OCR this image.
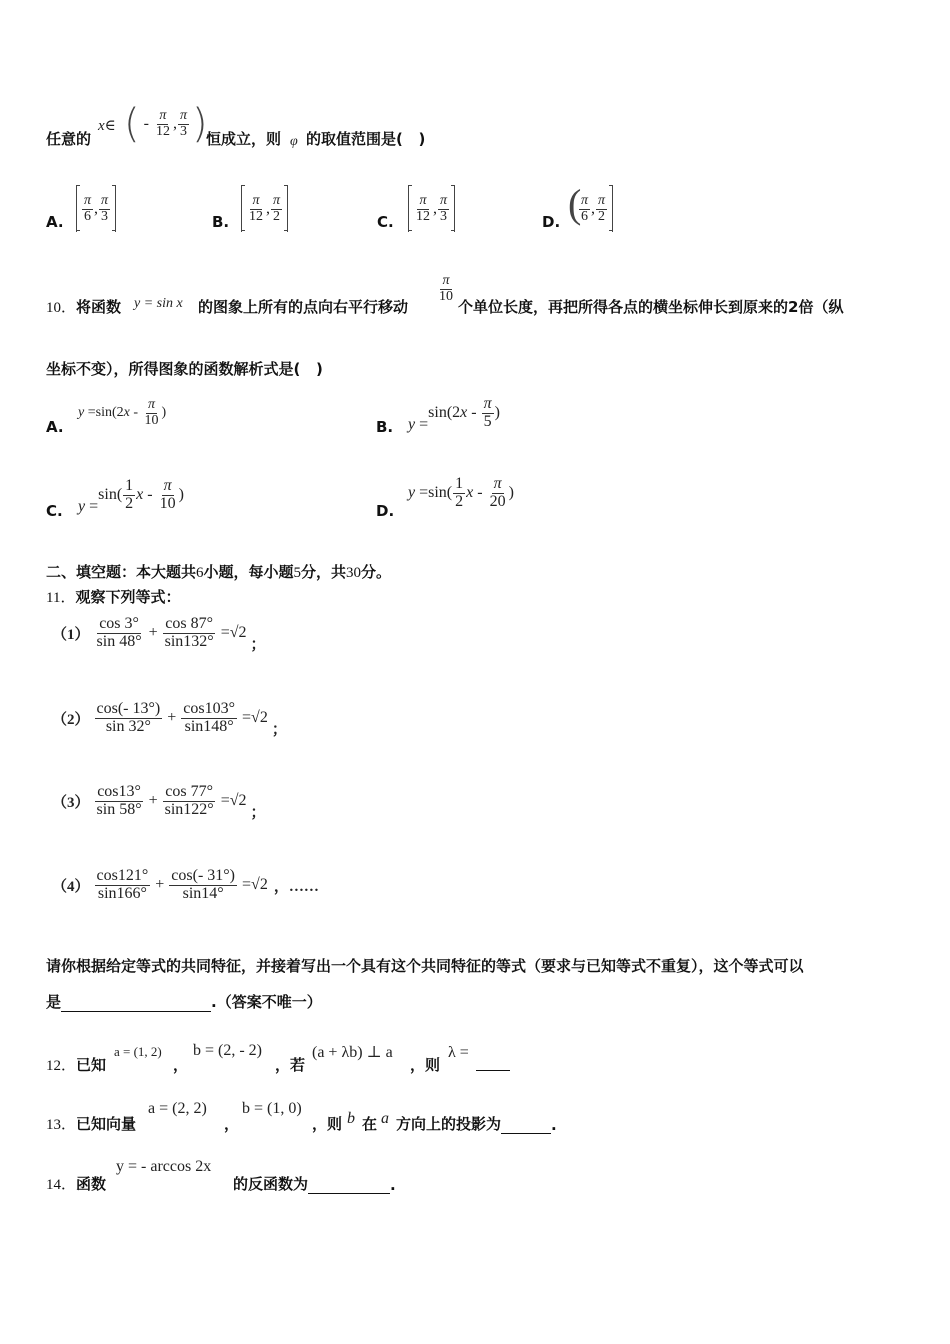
任意的
x∈ ( - $\frac{\pi}{12}$ , $\frac{\pi}{3}$ )
恒成立，则 φ 的取值范围是( )
A. $\frac{\pi}{6}$ , $\frac{\pi}{3}$	B. $\frac{\pi}{12}$ , $\frac{\pi}{2}$	C. $\frac{\pi}{12}$ , $\frac{\pi}{3}$	D. (
$\frac{\pi}{6}$ , $\frac{\pi}{2}$
10．将函数 y = sin x 的图象上所有的点向右平行移动
$\frac{\pi}{10}$
个单位长度，再把所得各点的横坐标伸长到原来的2倍（纵
坐标不变），所得图象的函数解析式是( )
A.
y =sin(2 x - $\frac{\pi}{10}$ )
B. y
=
sin(2 x - $\frac{\pi}{5}$ )
C. y
=
$\sin( \frac{1}{2}$ x - $\frac{\pi}{10}$ )
D.
$y =\sin( \frac{1}{2}$ x - $\frac{\pi}{20}$ )
二、填空题：本大题共6小题，每小题5分，共30分。
11．观察下列等式：
$(1) \frac{\cos 3^\circ}{\sin 48^\circ} + \frac{\cos 87^\circ}{\sin 132^\circ} = √2$
；
$(2) \frac{\cos(- 13^\circ)}{\sin 32^\circ} + \frac{\cos 103^\circ}{\sin 148^\circ} = √2$
；
$(3) \frac{\cos 13^\circ}{\sin 58^\circ} + \frac{\cos 77^\circ}{\sin 122^\circ} = √2$
；
$(4) \frac{\cos 121^\circ}{\sin 166^\circ} + \frac{\cos(- 31^\circ)}{\sin 14^\circ} = √2$ ，……
请你根据给定等式的共同特征，并接着写出一个具有这个共同特征的等式（要求与已知等式不重复），这个等式可以
是	.（答案不唯一）
12．已知
a = (1, 2)
，
b = (2, - 2)
，若
(a + λb) ⊥ a
，则
λ =
13．已知向量
a = (2, 2)
，
b = (1, 0)
，则 b 在 a 方向上的投影为	.
14．函数
y = - arccos 2x
的反函数为	.
